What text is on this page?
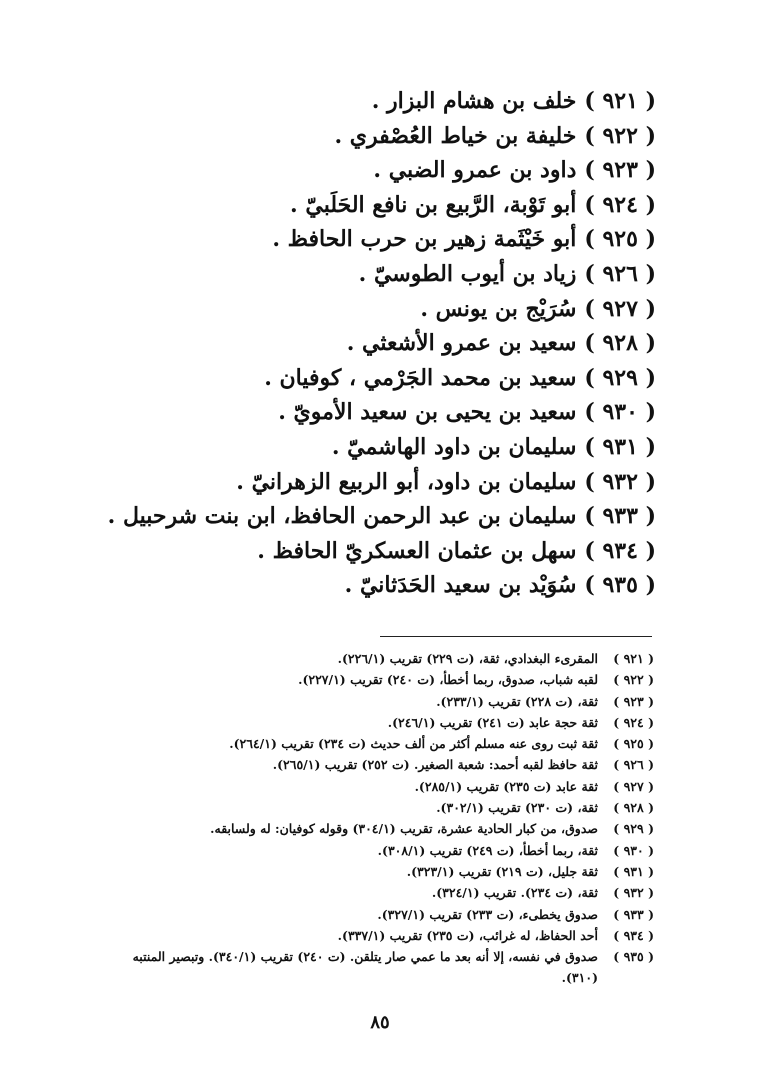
( ٩٢١ )خلف بن هشام البزار .
( ٩٢٢ )خليفة بن خياط العُصْفري .
( ٩٢٣ )داود بن عمرو الضبي .
( ٩٢٤ )أبو تَوْبة، الرَّبيع بن نافع الحَلَبيّ .
( ٩٢٥ )أبو خَيْثَمة زهير بن حرب الحافظ .
( ٩٢٦ )زياد بن أيوب الطوسيّ .
( ٩٢٧ )سُرَيْج بن يونس .
( ٩٢٨ )سعيد بن عمرو الأشعثي .
( ٩٢٩ )سعيد بن محمد الجَرْمي ، كوفيان .
( ٩٣٠ )سعيد بن يحيى بن سعيد الأمويّ .
( ٩٣١ )سليمان بن داود الهاشميّ .
( ٩٣٢ )سليمان بن داود، أبو الربيع الزهرانيّ .
( ٩٣٣ )سليمان بن عبد الرحمن الحافظ، ابن بنت شرحبيل .
( ٩٣٤ )سهل بن عثمان العسكريّ الحافظ .
( ٩٣٥ )سُوَيْد بن سعيد الحَدَثانيّ .
( ٩٢١ )
المقرىء البغدادي، ثقة، (ت ٢٢٩) تقريب (٢٢٦/١).
( ٩٢٢ )
لقبه شباب، صدوق، ربما أخطأ، (ت ٢٤٠) تقريب (٢٢٧/١).
( ٩٢٣ )
ثقة، (ت ٢٢٨) تقريب (٢٣٣/١).
( ٩٢٤ )
ثقة حجة عابد (ت ٢٤١) تقريب (٢٤٦/١).
( ٩٢٥ )
ثقة ثبت روى عنه مسلم أكثر من ألف حديث (ت ٢٣٤) تقريب (٢٦٤/١).
( ٩٢٦ )
ثقة حافظ لقبه أحمد: شعبة الصغير. (ت ٢٥٢) تقريب (٢٦٥/١).
( ٩٢٧ )
ثقة عابد (ت ٢٣٥) تقريب (٢٨٥/١).
( ٩٢٨ )
ثقة، (ت ٢٣٠) تقريب (٣٠٢/١).
( ٩٢٩ )
صدوق، من كبار الحادية عشرة، تقريب (٣٠٤/١) وقوله كوفيان: له ولسابقه.
( ٩٣٠ )
ثقة، ربما أخطأ، (ت ٢٤٩) تقريب (٣٠٨/١).
( ٩٣١ )
ثقة جليل، (ت ٢١٩) تقريب (٣٢٣/١).
( ٩٣٢ )
ثقة، (ت ٢٣٤). تقريب (٣٢٤/١).
( ٩٣٣ )
صدوق يخطىء، (ت ٢٣٣) تقريب (٣٢٧/١).
( ٩٣٤ )
أحد الحفاظ، له غرائب، (ت ٢٣٥) تقريب (٣٣٧/١).
( ٩٣٥ )
صدوق في نفسه، إلا أنه بعد ما عمي صار يتلقن. (ت ٢٤٠) تقريب (٣٤٠/١). وتبصير المنتبه
(٣١٠).
٨٥
